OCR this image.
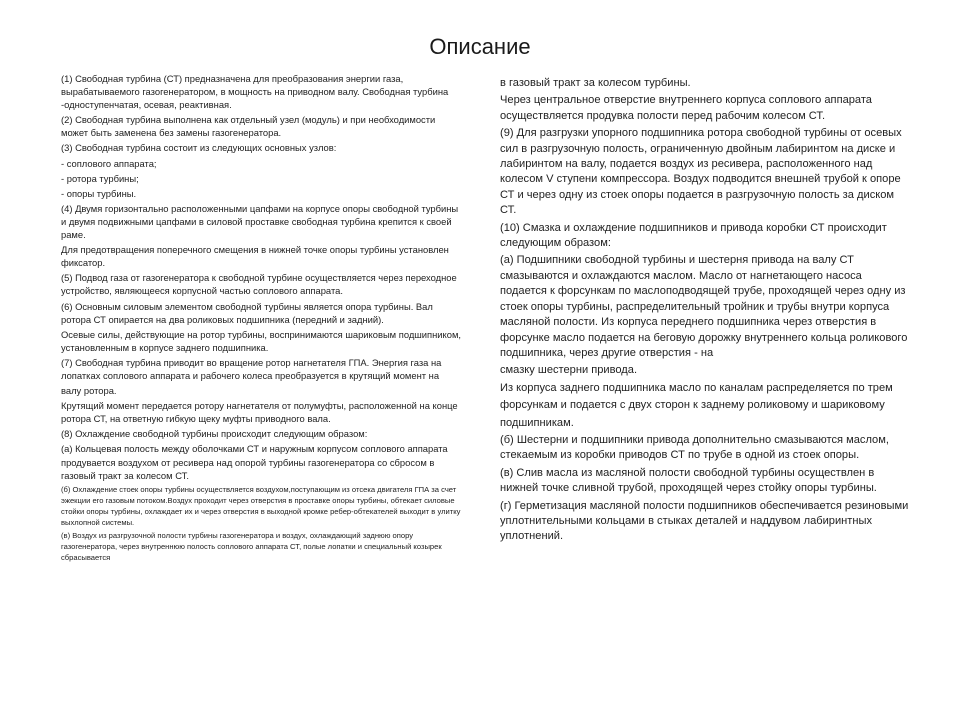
Описание

(1) Свободная турбина (СТ) предназначена для преобразования энергии газа, вырабатываемого газогенератором, в мощность на приводном валу. Свободная турбина -одноступенчатая, осевая, реактивная.

(2) Свободная турбина выполнена как отдельный узел (модуль) и при необходимости может быть заменена без замены газогенератора.

(3) Свободная турбина состоит из следующих основных узлов:

- соплового аппарата;

- ротора турбины;

- опоры турбины.

(4) Двумя горизонтально расположенными цапфами на корпусе опоры свободной турбины и двумя подвижными цапфами в силовой проставке свободная турбина крепится к своей раме.

Для предотвращения поперечного смещения в нижней точке опоры турбины установлен фиксатор.

(5) Подвод газа от газогенератора к свободной турбине осуществляется через переходное устройство, являющееся корпусной частью соплового аппарата.

(6) Основным силовым элементом свободной турбины является опора турбины. Вал ротора СТ опирается на два роликовых подшипника (передний и задний).

Осевые силы, действующие на ротор турбины, воспринимаются шариковым подшипником, установленным в корпусе заднего подшипника.

(7) Свободная турбина приводит во вращение ротор нагнетателя ГПА. Энергия газа на лопатках соплового аппарата и рабочего колеса преобразуется в крутящий момент на

валу ротора.

Крутящий момент передается ротору нагнетателя от полумуфты, расположенной на конце ротора СТ, на ответную гибкую щеку муфты приводного вала.

(8) Охлаждение свободной турбины происходит следующим образом:

(а) Кольцевая полость между оболочками СТ и наружным корпусом соплового аппарата продувается воздухом от ресивера над опорой турбины газогенератора со сбросом в газовый тракт за колесом СТ.

(б) Охлаждение стоек опоры турбины осуществляется воздухом,поступающим из отсека двигателя ГПА за счет эжекции его газовым потоком.Воздух проходит через отверстия в проставке опоры турбины, обтекает силовые стойки опоры турбины, охлаждает их и через отверстия в выходной кромке ребер-обтекателей выходит в улитку выхлопной системы.

(в) Воздух из разгрузочной полости турбины газогенератора и воздух, охлаждающий заднюю опору газогенератора, через внутреннюю полость соплового аппарата СТ, полые лопатки и специальный козырек сбрасывается

в газовый тракт за колесом турбины.

Через центральное отверстие внутреннего корпуса соплового аппарата осуществляется продувка полости перед рабочим колесом СТ.

(9) Для разгрузки упорного подшипника ротора свободной турбины от осевых сил в разгрузочную полость, ограниченную двойным лабиринтом на диске и лабиринтом на валу, подается воздух из ресивера, расположенного над колесом V ступени компрессора. Воздух подводится внешней трубой к опоре СТ и через одну из стоек опоры подается в разгрузочную полость за диском СТ.

(10) Смазка и охлаждение подшипников и привода коробки СТ происходит следующим образом:

(а) Подшипники свободной турбины и шестерня привода на валу СТ смазываются и охлаждаются маслом. Масло от нагнетающего насоса подается к форсункам по маслоподводящей трубе, проходящей через одну из стоек опоры турбины, распределительный тройник и трубы внутри корпуса масляной полости. Из корпуса переднего подшипника через отверстия в форсунке масло подается на беговую дорожку внутреннего кольца роликового подшипника, через другие отверстия - на

смазку шестерни привода.

Из корпуса заднего подшипника масло по каналам распределяется по трем

форсункам и подается с двух сторон к заднему роликовому и шариковому

подшипникам.

(б) Шестерни и подшипники привода дополнительно смазываются маслом, стекаемым из коробки приводов СТ по трубе в одной из стоек опоры.

(в) Слив масла из масляной полости свободной турбины осуществлен в нижней точке сливной трубой, проходящей через стойку опоры турбины.

(г) Герметизация масляной полости подшипников обеспечивается резиновыми уплотнительными кольцами в стыках деталей и наддувом лабиринтных уплотнений.
